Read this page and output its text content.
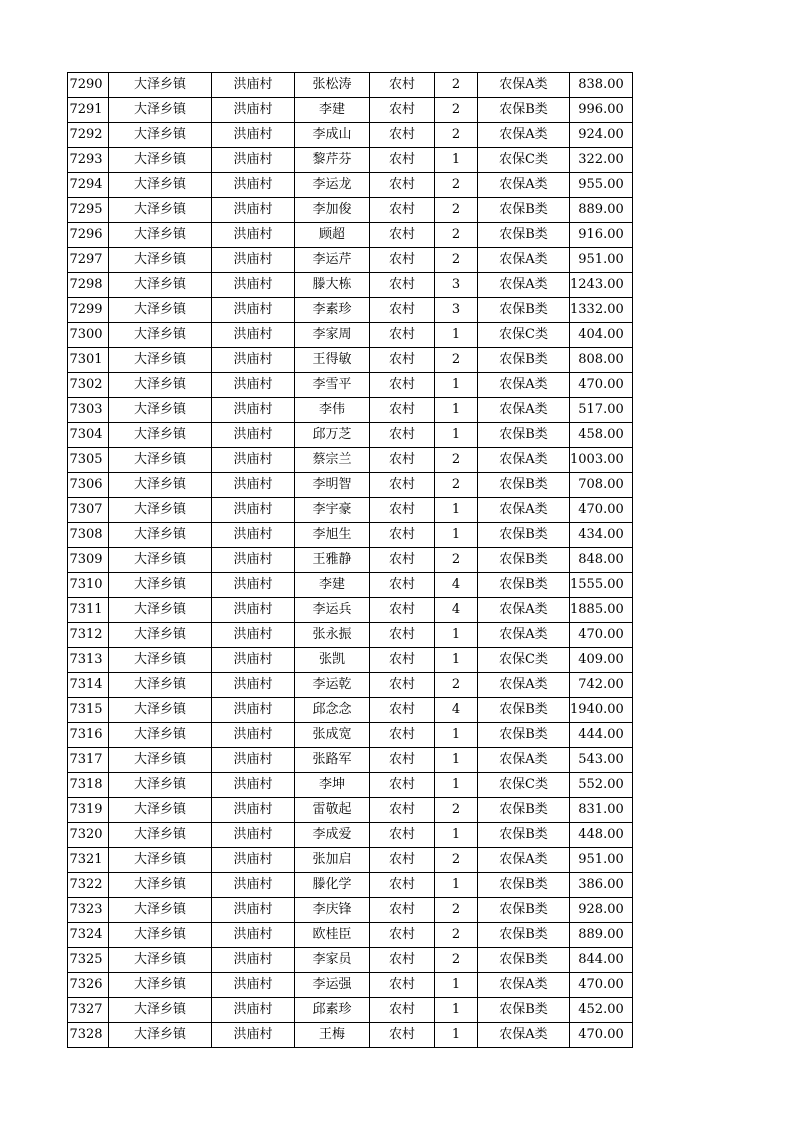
7290	大泽乡镇	洪庙村	张松涛	农村	2	农保A类	838.00
7291	大泽乡镇	洪庙村	李建	农村	2	农保B类	996.00
7292	大泽乡镇	洪庙村	李成山	农村	2	农保A类	924.00
7293	大泽乡镇	洪庙村	黎芹芬	农村	1	农保C类	322.00
7294	大泽乡镇	洪庙村	李运龙	农村	2	农保A类	955.00
7295	大泽乡镇	洪庙村	李加俊	农村	2	农保B类	889.00
7296	大泽乡镇	洪庙村	顾超	农村	2	农保B类	916.00
7297	大泽乡镇	洪庙村	李运芹	农村	2	农保A类	951.00
7298	大泽乡镇	洪庙村	滕大栋	农村	3	农保A类	1243.00
7299	大泽乡镇	洪庙村	李素珍	农村	3	农保B类	1332.00
7300	大泽乡镇	洪庙村	李家周	农村	1	农保C类	404.00
7301	大泽乡镇	洪庙村	王得敏	农村	2	农保B类	808.00
7302	大泽乡镇	洪庙村	李雪平	农村	1	农保A类	470.00
7303	大泽乡镇	洪庙村	李伟	农村	1	农保A类	517.00
7304	大泽乡镇	洪庙村	邱万芝	农村	1	农保B类	458.00
7305	大泽乡镇	洪庙村	蔡宗兰	农村	2	农保A类	1003.00
7306	大泽乡镇	洪庙村	李明智	农村	2	农保B类	708.00
7307	大泽乡镇	洪庙村	李宇豪	农村	1	农保A类	470.00
7308	大泽乡镇	洪庙村	李旭生	农村	1	农保B类	434.00
7309	大泽乡镇	洪庙村	王雅静	农村	2	农保B类	848.00
7310	大泽乡镇	洪庙村	李建	农村	4	农保B类	1555.00
7311	大泽乡镇	洪庙村	李运兵	农村	4	农保A类	1885.00
7312	大泽乡镇	洪庙村	张永振	农村	1	农保A类	470.00
7313	大泽乡镇	洪庙村	张凯	农村	1	农保C类	409.00
7314	大泽乡镇	洪庙村	李运乾	农村	2	农保A类	742.00
7315	大泽乡镇	洪庙村	邱念念	农村	4	农保B类	1940.00
7316	大泽乡镇	洪庙村	张成宽	农村	1	农保B类	444.00
7317	大泽乡镇	洪庙村	张路军	农村	1	农保A类	543.00
7318	大泽乡镇	洪庙村	李坤	农村	1	农保C类	552.00
7319	大泽乡镇	洪庙村	雷敬起	农村	2	农保B类	831.00
7320	大泽乡镇	洪庙村	李成爱	农村	1	农保B类	448.00
7321	大泽乡镇	洪庙村	张加启	农村	2	农保A类	951.00
7322	大泽乡镇	洪庙村	滕化学	农村	1	农保B类	386.00
7323	大泽乡镇	洪庙村	李庆锋	农村	2	农保B类	928.00
7324	大泽乡镇	洪庙村	欧桂臣	农村	2	农保B类	889.00
7325	大泽乡镇	洪庙村	李家员	农村	2	农保B类	844.00
7326	大泽乡镇	洪庙村	李运强	农村	1	农保A类	470.00
7327	大泽乡镇	洪庙村	邱素珍	农村	1	农保B类	452.00
7328	大泽乡镇	洪庙村	王梅	农村	1	农保A类	470.00
